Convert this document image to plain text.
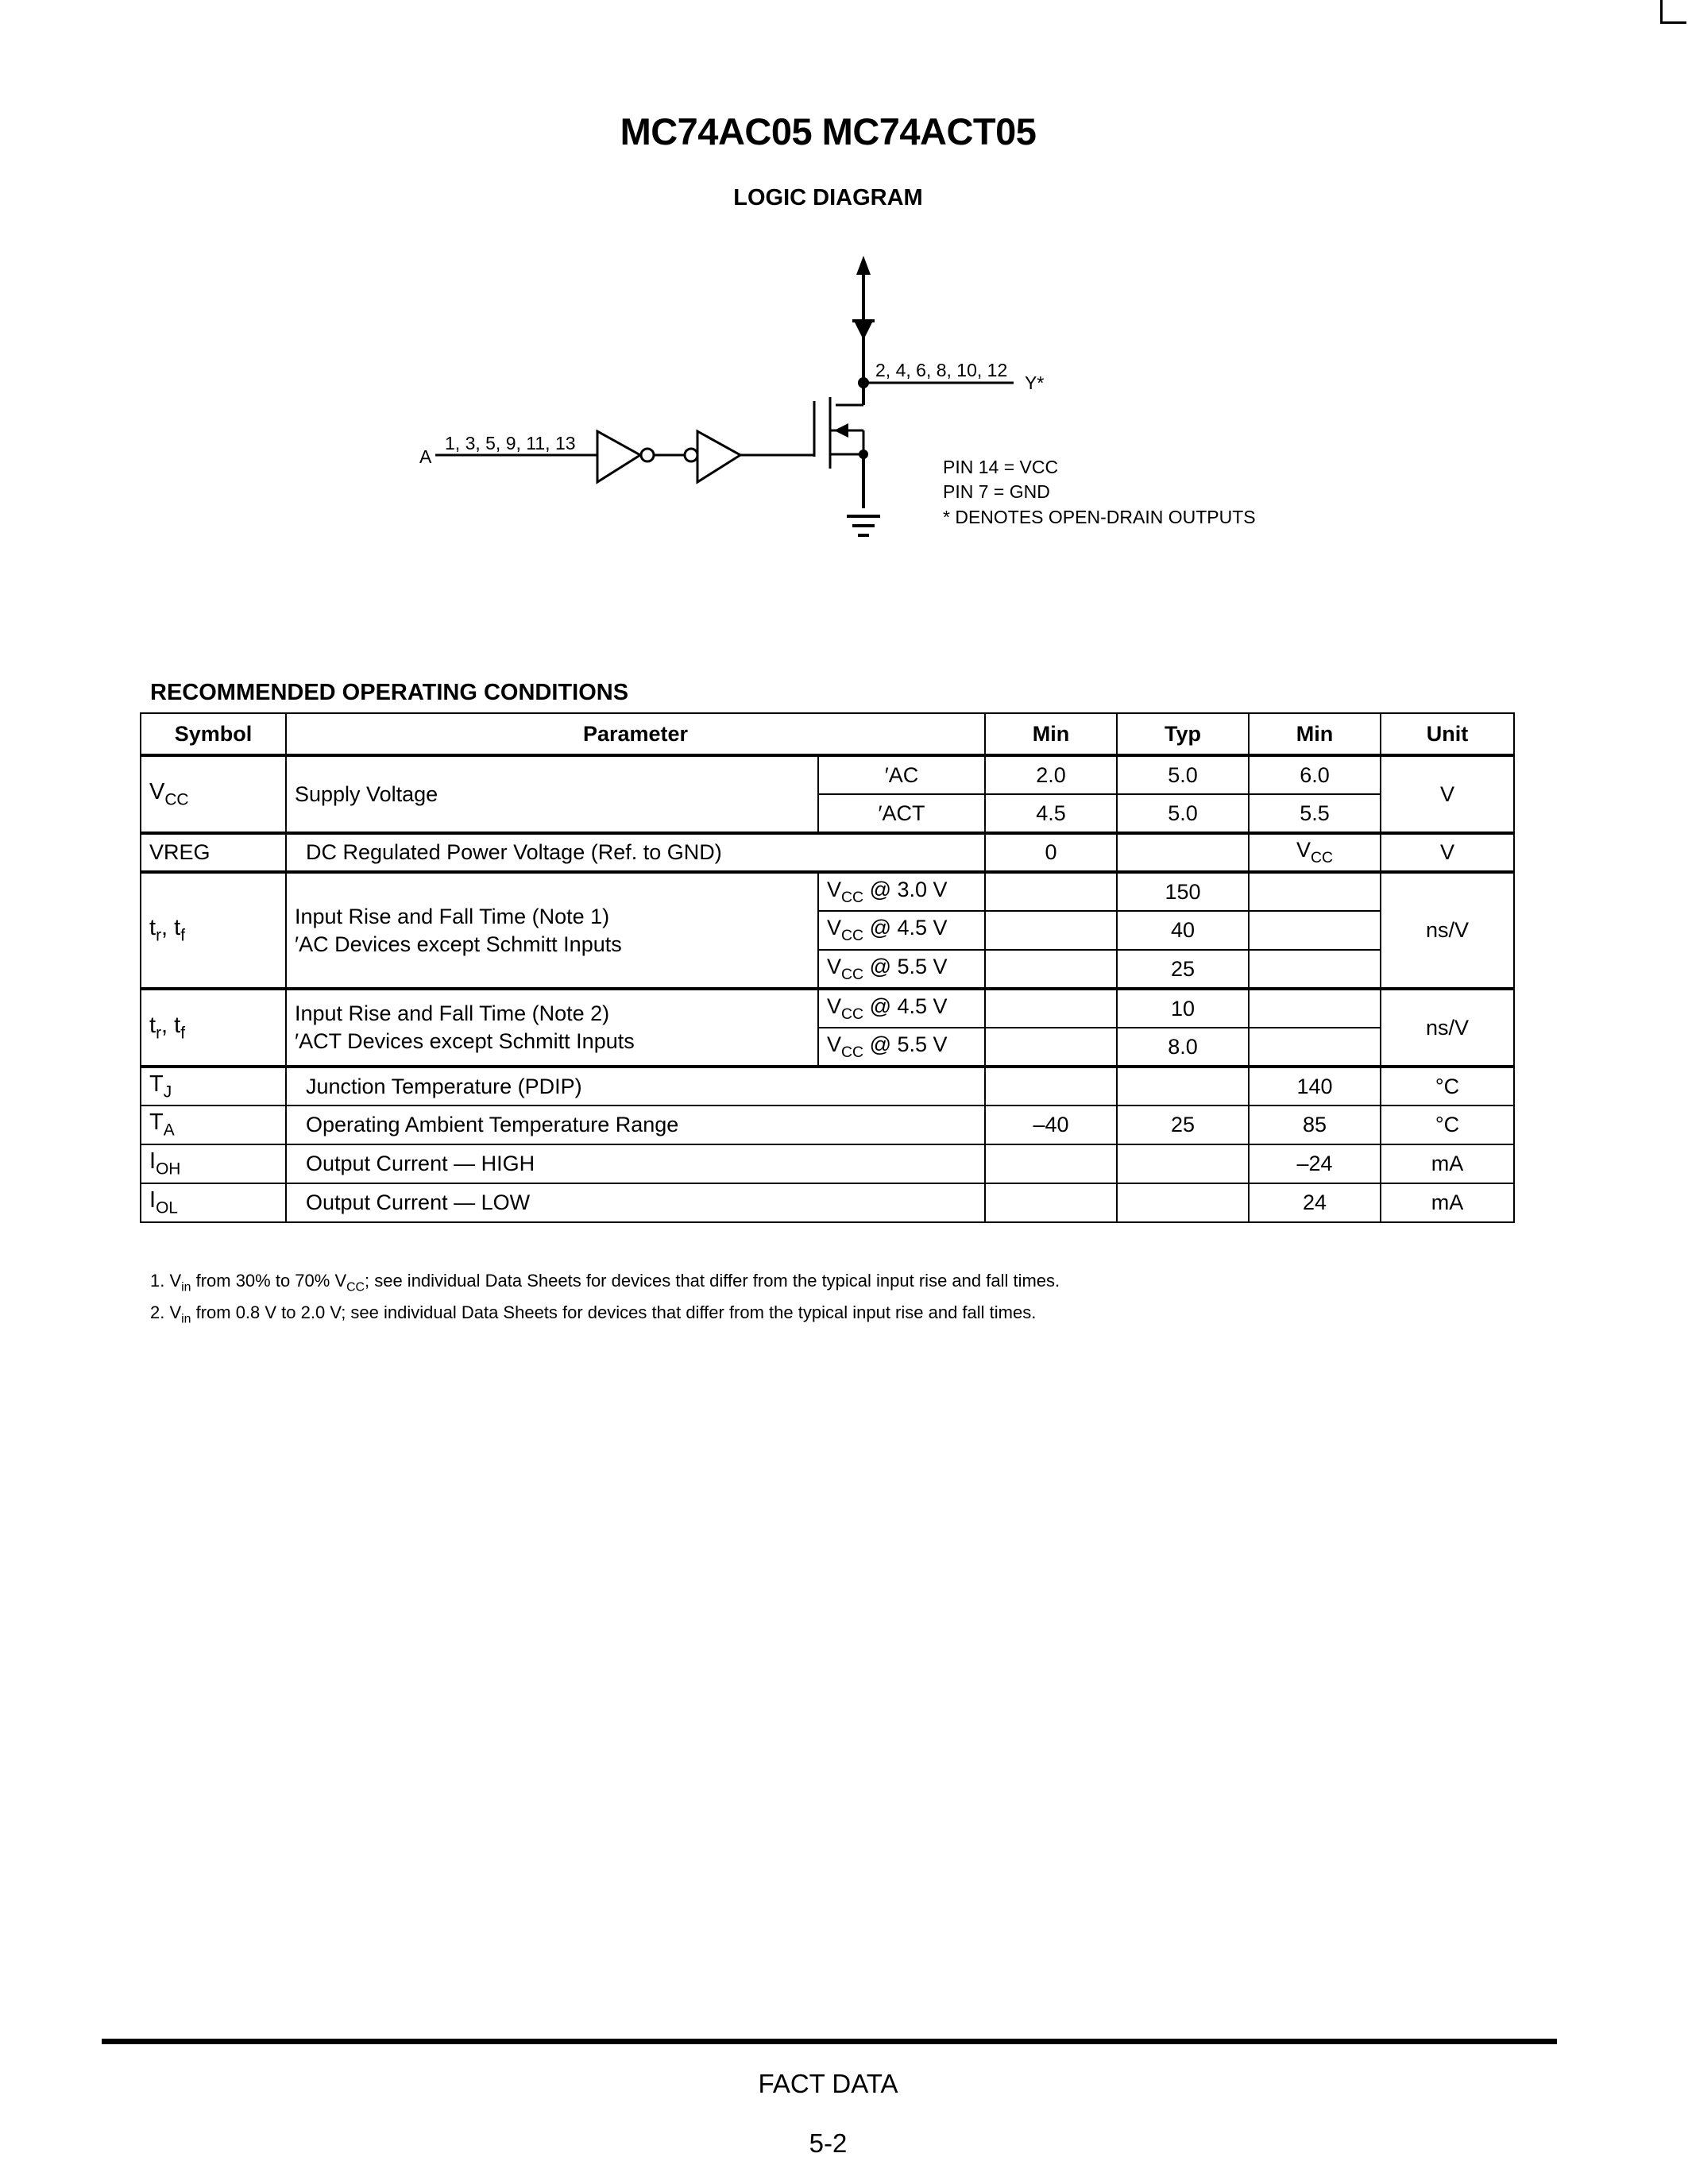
MC74AC05 MC74ACT05
LOGIC DIAGRAM
2, 4, 6, 8, 10, 12
Y*
A
1, 3, 5, 9, 11, 13
PIN 14 = VCC
PIN 7 = GND
* DENOTES OPEN-DRAIN OUTPUTS
RECOMMENDED OPERATING CONDITIONS
Symbol	Parameter		Min	Typ	Min	Unit
$V_{CC}$	Supply Voltage	′AC	2.0	5.0	6.0	V
		′ACT	4.5	5.0	5.5	
VREG	DC Regulated Power Voltage (Ref. to GND)		0		$V_{CC}$	V
$t_r$, $t_f$	Input Rise and Fall Time (Note 1)
′AC Devices except Schmitt Inputs	$V_{CC}$ @ 3.0 V		150		ns/V
		$V_{CC}$ @ 4.5 V		40		
		$V_{CC}$ @ 5.5 V		25		
$t_r$, $t_f$	Input Rise and Fall Time (Note 2)
′ACT Devices except Schmitt Inputs	$V_{CC}$ @ 4.5 V		10		ns/V
		$V_{CC}$ @ 5.5 V		8.0		
$T_J$	Junction Temperature (PDIP)				140	°C
$T_A$	Operating Ambient Temperature Range		–40	25	85	°C
$I_{OH}$	Output Current — HIGH				–24	mA
$I_{OL}$	Output Current — LOW				24	mA
1. $V_{in}$ from 30% to 70% $V_{CC}$; see individual Data Sheets for devices that differ from the typical input rise and fall times.
2. $V_{in}$ from 0.8 V to 2.0 V; see individual Data Sheets for devices that differ from the typical input rise and fall times.
FACT DATA
5-2
